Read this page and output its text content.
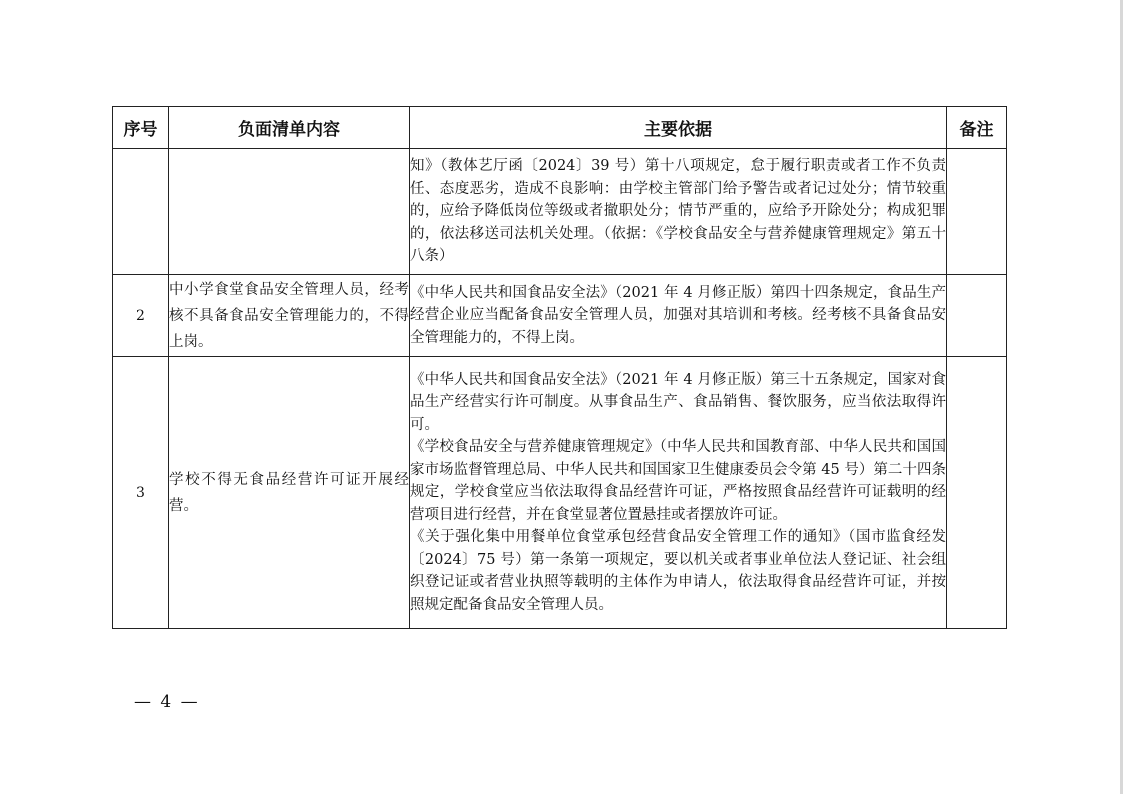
序号	负面清单内容	主要依据	备注

		知》（教体艺厅函〔2024〕39 号）第十八项规定，怠于履行职责或者工作不负责任、态度恶劣，造成不良影响：由学校主管部门给予警告或者记过处分；情节较重的，应给予降低岗位等级或者撤职处分；情节严重的，应给予开除处分；构成犯罪的，依法移送司法机关处理。（依据：《学校食品安全与营养健康管理规定》第五十八条）	

2	中小学食堂食品安全管理人员，经考核不具备食品安全管理能力的，不得上岗。	《中华人民共和国食品安全法》（2021 年 4 月修正版）第四十四条规定，食品生产经营企业应当配备食品安全管理人员，加强对其培训和考核。经考核不具备食品安全管理能力的，不得上岗。	

3	学校不得无食品经营许可证开展经营。	《中华人民共和国食品安全法》（2021 年 4 月修正版）第三十五条规定，国家对食品生产经营实行许可制度。从事食品生产、食品销售、餐饮服务，应当依法取得许可。

《学校食品安全与营养健康管理规定》（中华人民共和国教育部、中华人民共和国国家市场监督管理总局、中华人民共和国国家卫生健康委员会令第 45 号）第二十四条规定，学校食堂应当依法取得食品经营许可证，严格按照食品经营许可证载明的经营项目进行经营，并在食堂显著位置悬挂或者摆放许可证。

《关于强化集中用餐单位食堂承包经营食品安全管理工作的通知》（国市监食经发〔2024〕75 号）第一条第一项规定，要以机关或者事业单位法人登记证、社会组织登记证或者营业执照等载明的主体作为申请人，依法取得食品经营许可证，并按照规定配备食品安全管理人员。	

— 4 —
